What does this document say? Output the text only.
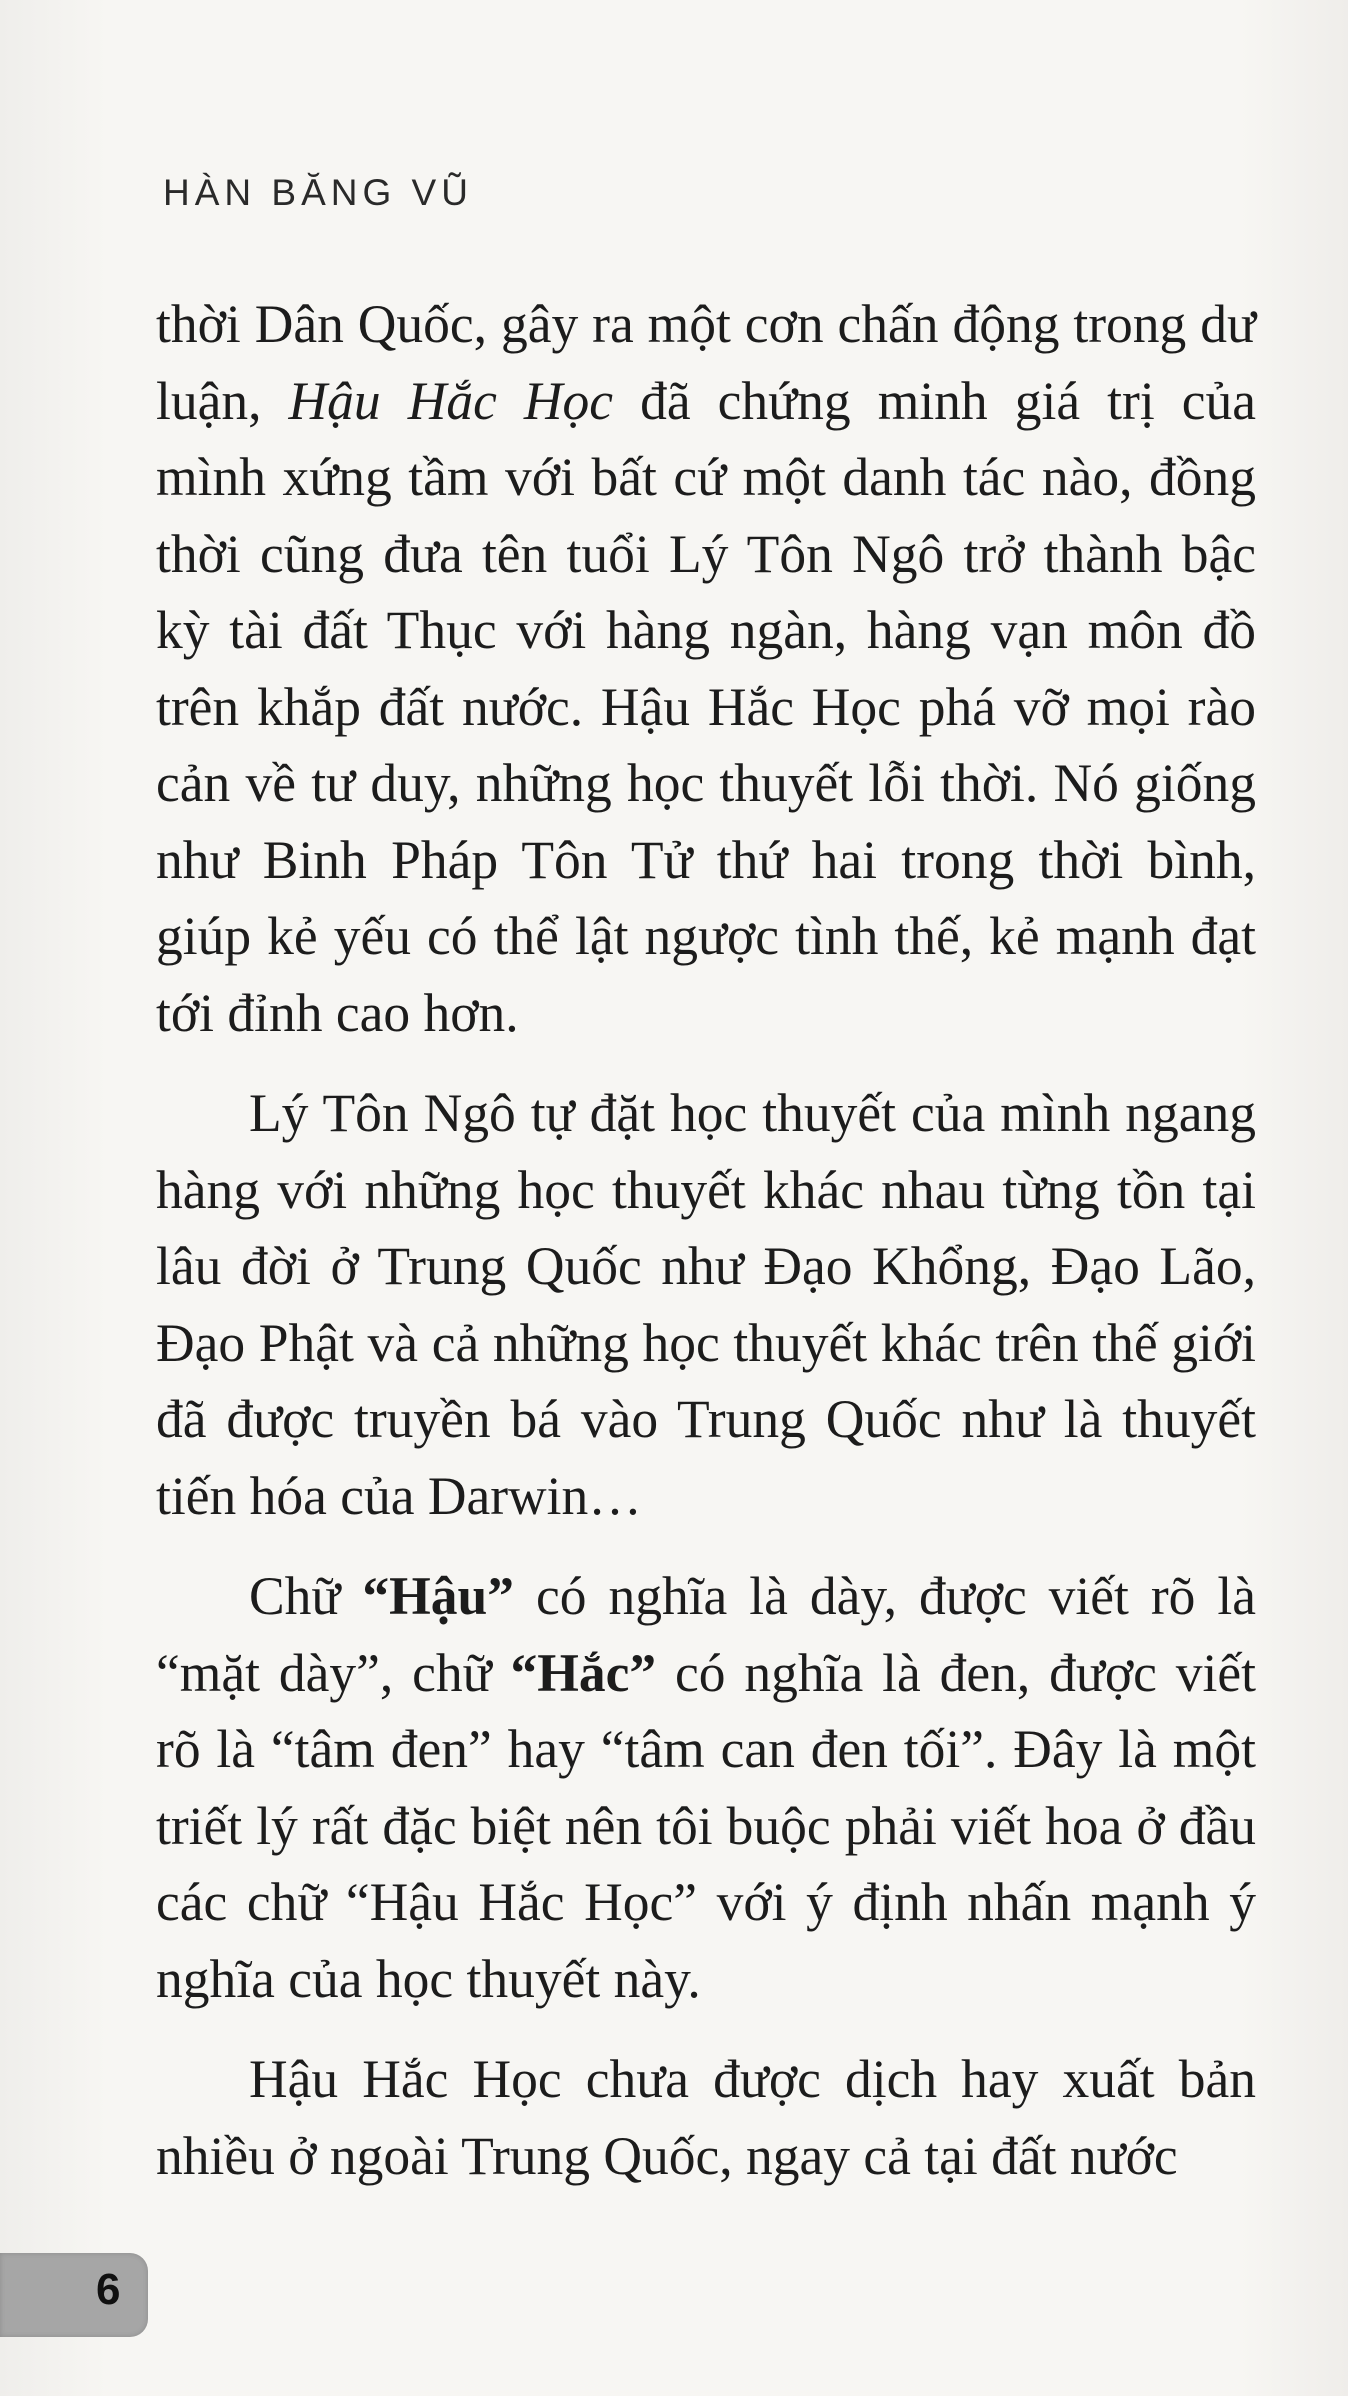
HÀN BĂNG VŨ

thời Dân Quốc, gây ra một cơn chấn động trong dư luận, Hậu Hắc Học đã chứng minh giá trị của mình xứng tầm với bất cứ một danh tác nào, đồng thời cũng đưa tên tuổi Lý Tôn Ngô trở thành bậc kỳ tài đất Thục với hàng ngàn, hàng vạn môn đồ trên khắp đất nước. Hậu Hắc Học phá vỡ mọi rào cản về tư duy, những học thuyết lỗi thời. Nó giống như Binh Pháp Tôn Tử thứ hai trong thời bình, giúp kẻ yếu có thể lật ngược tình thế, kẻ mạnh đạt tới đỉnh cao hơn.

Lý Tôn Ngô tự đặt học thuyết của mình ngang hàng với những học thuyết khác nhau từng tồn tại lâu đời ở Trung Quốc như Đạo Khổng, Đạo Lão, Đạo Phật và cả những học thuyết khác trên thế giới đã được truyền bá vào Trung Quốc như là thuyết tiến hóa của Darwin…

Chữ “Hậu” có nghĩa là dày, được viết rõ là “mặt dày”, chữ “Hắc” có nghĩa là đen, được viết rõ là “tâm đen” hay “tâm can đen tối”. Đây là một triết lý rất đặc biệt nên tôi buộc phải viết hoa ở đầu các chữ “Hậu Hắc Học” với ý định nhấn mạnh ý nghĩa của học thuyết này.

Hậu Hắc Học chưa được dịch hay xuất bản nhiều ở ngoài Trung Quốc, ngay cả tại đất nước

6
